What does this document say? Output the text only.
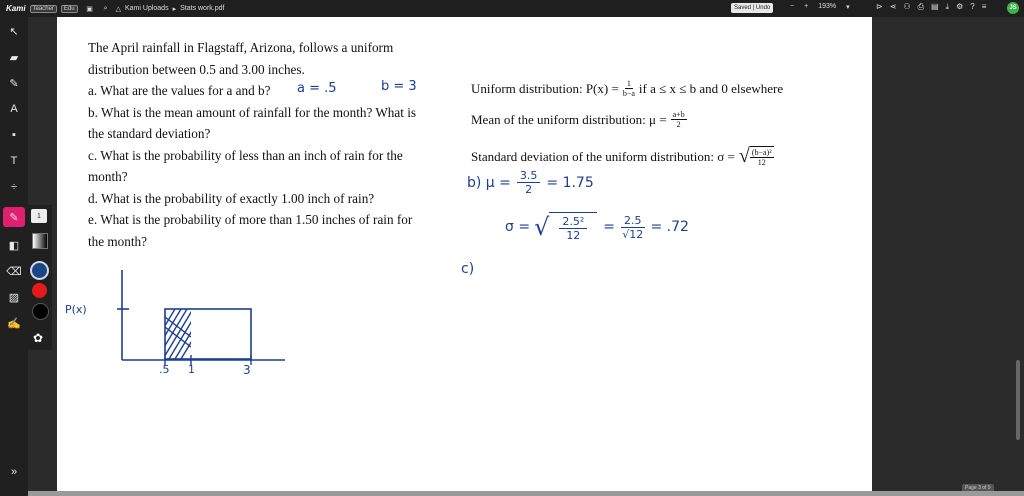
Kami	Teacher	Edu	▣ ⌕ △ Kami Uploads ▸ Stats work.pdf	Saved | Undo	− + 193% ▾	⊳ ⋖ ⚇ ⎙ ▤ ⤓ ⚙ ? ≡	JS
↖
▰
✎
A
▪
T
÷
✎
◧
⌫
▨
✍
»
1
✿
The April rainfall in Flagstaff, Arizona, follows a uniform
distribution between 0.5 and 3.00 inches.
a. What are the values for a and b?
b. What is the mean amount of rainfall for the month? What is
the standard deviation?
c. What is the probability of less than an inch of rain for the
month?
d. What is the probability of exactly 1.00 inch of rain?
e. What is the probability of more than 1.50 inches of rain for
the month?
Uniform distribution: $P(x) = \frac{1}{b-a}$ if a ≤ x ≤ b and 0 elsewhere
Mean of the uniform distribution: $\mu = \frac{a+b}{2}$
Standard deviation of the uniform distribution: σ = √ $\frac{\text{(b−a)²}}{12}$
a = .5	b = 3
b) $\mu = \frac{3.5}{2} = 1.75$
σ = √ $\frac{\text{2.5²}}{12} = \frac{2.5}{√12} = .72$
c)
P(x)
.5 1	3
Page 3 of 9
